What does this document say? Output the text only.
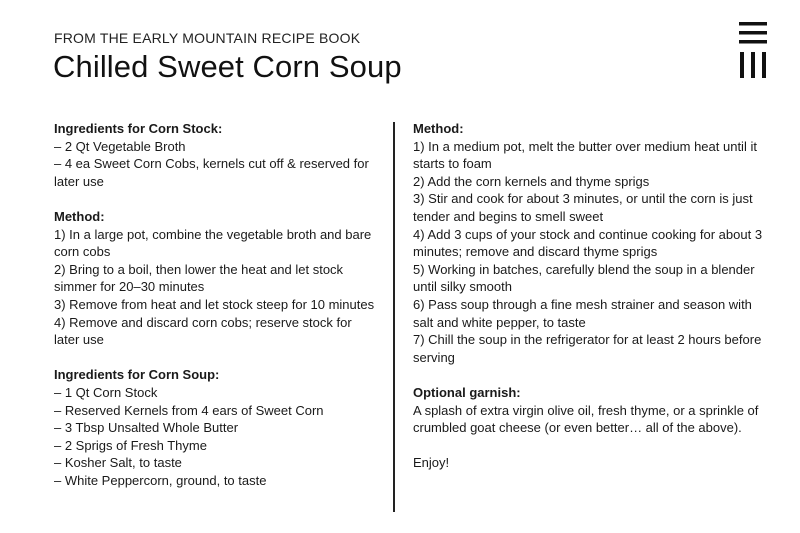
FROM THE EARLY MOUNTAIN RECIPE BOOK
Chilled Sweet Corn Soup
Ingredients for Corn Stock:
– 2 Qt Vegetable Broth
– 4 ea Sweet Corn Cobs, kernels cut off & reserved for later use
Method:
1) In a large pot, combine the vegetable broth and bare corn cobs
2) Bring to a boil, then lower the heat and let stock simmer for 20–30 minutes
3) Remove from heat and let stock steep for 10 minutes
4) Remove and discard corn cobs; reserve stock for later use
Ingredients for Corn Soup:
– 1 Qt Corn Stock
– Reserved Kernels from 4 ears of Sweet Corn
– 3 Tbsp Unsalted Whole Butter
– 2 Sprigs of Fresh Thyme
– Kosher Salt, to taste
– White Peppercorn, ground, to taste
Method:
1) In a medium pot, melt the butter over medium heat until it starts to foam
2) Add the corn kernels and thyme sprigs
3) Stir and cook for about 3 minutes, or until the corn is just tender and begins to smell sweet
4) Add 3 cups of your stock and continue cooking for about 3 minutes; remove and discard thyme sprigs
5) Working in batches, carefully blend the soup in a blender until silky smooth
6) Pass soup through a fine mesh strainer and season with salt and white pepper, to taste
7) Chill the soup in the refrigerator for at least 2 hours before serving
Optional garnish:
A splash of extra virgin olive oil, fresh thyme, or a sprinkle of crumbled goat cheese (or even better… all of the above).
Enjoy!
